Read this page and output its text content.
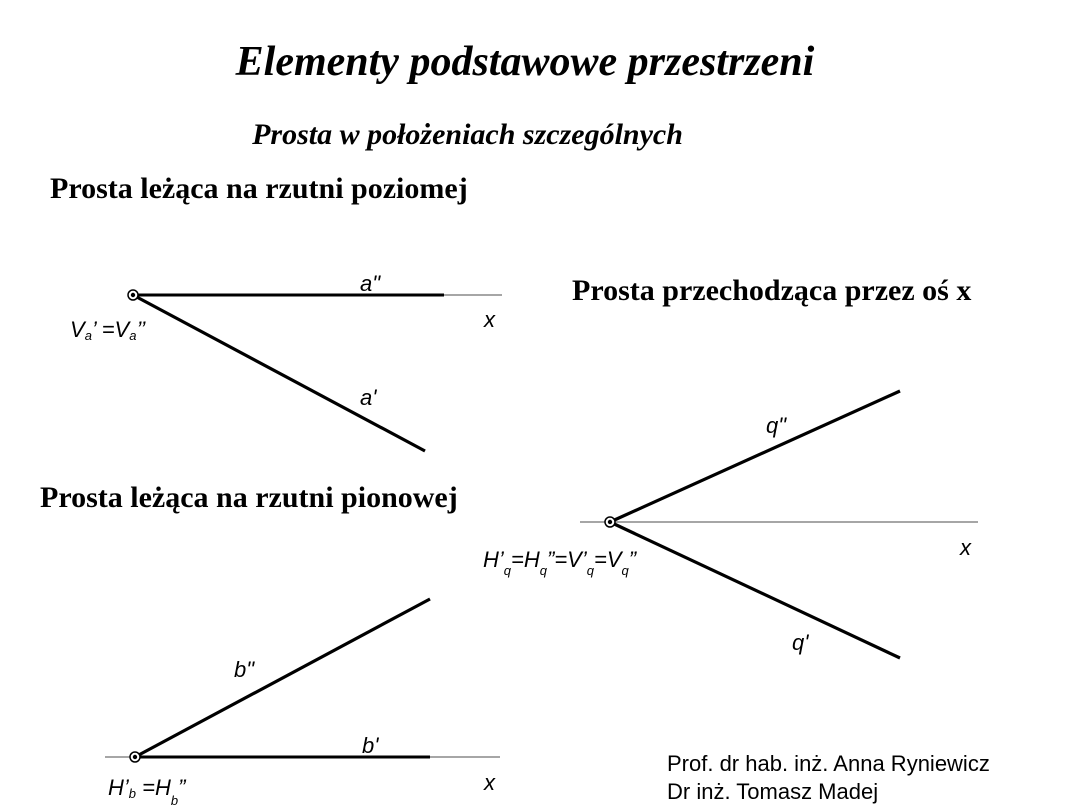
Elementy podstawowe przestrzeni
Prosta w położeniach szczególnych
Prosta leżąca na rzutni poziomej
Prosta przechodząca przez oś x
Prosta leżąca na rzutni pionowej
a"
a'
x
Va’ =Va’’
q"
q'
x
$H’_q=H_q”=V’_q=V_q$”
b"
b'
x
H’b $=H_b$”
Prof. dr hab. inż. Anna Ryniewicz
Dr inż. Tomasz Madej
